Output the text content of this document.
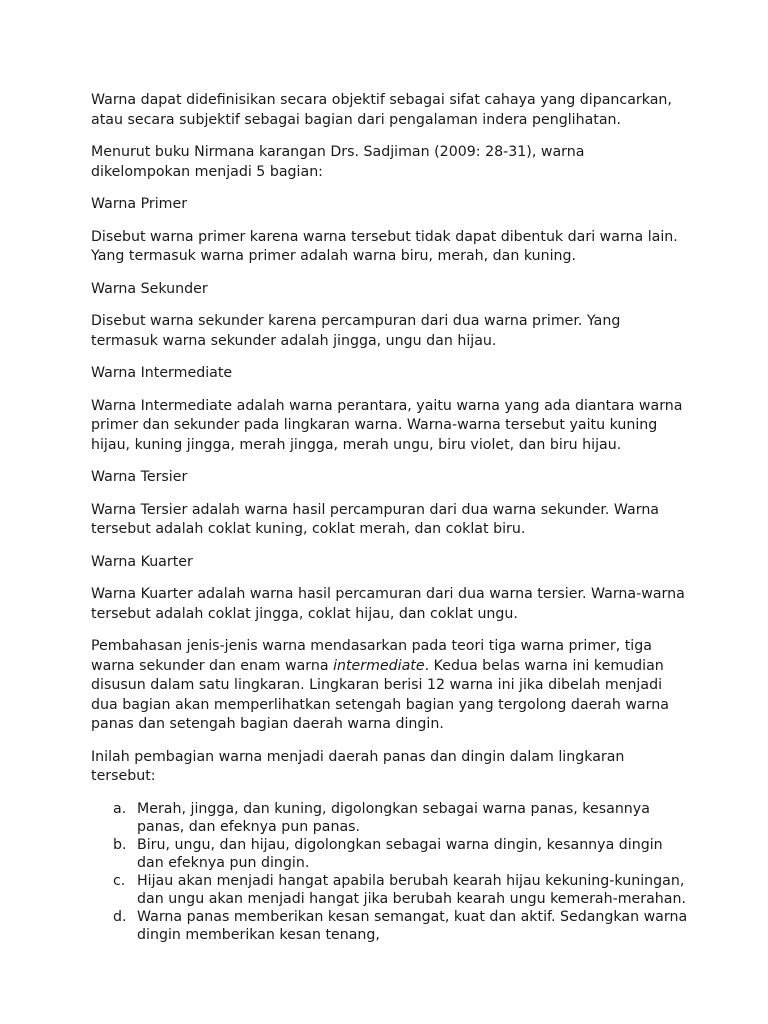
Warna dapat didefinisikan secara objektif sebagai sifat cahaya yang dipancarkan, atau secara subjektif sebagai bagian dari pengalaman indera penglihatan.

Menurut buku Nirmana karangan Drs. Sadjiman (2009: 28-31), warna dikelompokan menjadi 5 bagian:

Warna Primer

Disebut warna primer karena warna tersebut tidak dapat dibentuk dari warna lain. Yang termasuk warna primer adalah warna biru, merah, dan kuning.

Warna Sekunder

Disebut warna sekunder karena percampuran dari dua warna primer. Yang termasuk warna sekunder adalah jingga, ungu dan hijau.

Warna Intermediate

Warna Intermediate adalah warna perantara, yaitu warna yang ada diantara warna primer dan sekunder pada lingkaran warna. Warna-warna tersebut yaitu kuning hijau, kuning jingga, merah jingga, merah ungu, biru violet, dan biru hijau.

Warna Tersier

Warna Tersier adalah warna hasil percampuran dari dua warna sekunder. Warna tersebut adalah coklat kuning, coklat merah, dan coklat biru.

Warna Kuarter

Warna Kuarter adalah warna hasil percamuran dari dua warna tersier. Warna-warna tersebut adalah coklat jingga, coklat hijau, dan coklat ungu.

Pembahasan jenis-jenis warna mendasarkan pada teori tiga warna primer, tiga warna sekunder dan enam warna intermediate. Kedua belas warna ini kemudian disusun dalam satu lingkaran. Lingkaran berisi 12 warna ini jika dibelah menjadi dua bagian akan memperlihatkan setengah bagian yang tergolong daerah warna panas dan setengah bagian daerah warna dingin.

Inilah pembagian warna menjadi daerah panas dan dingin dalam lingkaran tersebut:

a. Merah, jingga, dan kuning, digolongkan sebagai warna panas, kesannya panas, dan efeknya pun panas.
b. Biru, ungu, dan hijau, digolongkan sebagai warna dingin, kesannya dingin dan efeknya pun dingin.
c. Hijau akan menjadi hangat apabila berubah kearah hijau kekuning-kuningan, dan ungu akan menjadi hangat jika berubah kearah ungu kemerah-merahan.
d. Warna panas memberikan kesan semangat, kuat dan aktif. Sedangkan warna dingin memberikan kesan tenang,
